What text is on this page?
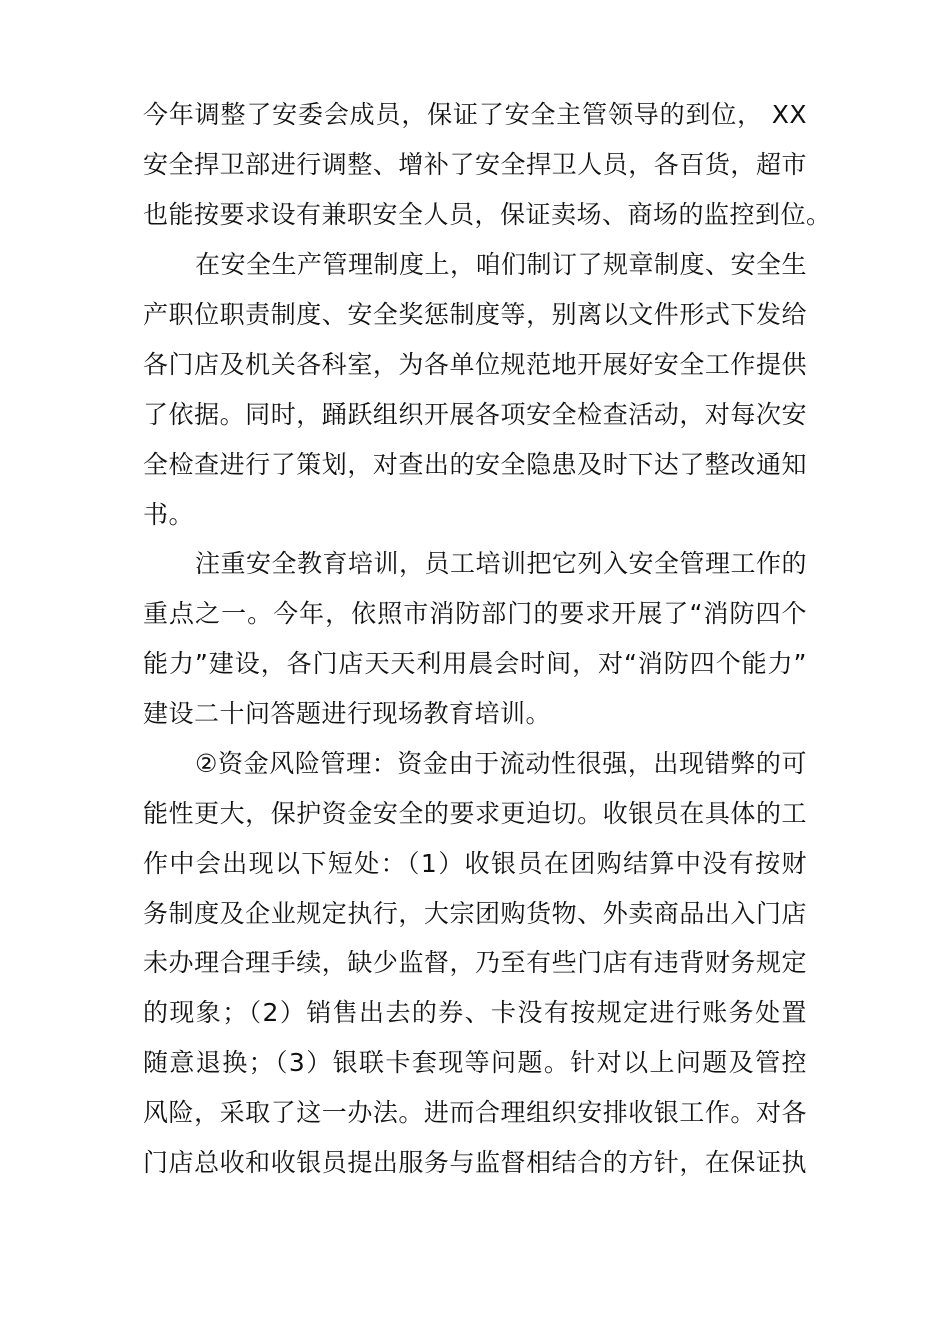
今年调整了安委会成员，保证了安全主管领导的到位， XX
安全捍卫部进行调整、增补了安全捍卫人员，各百货，超市
也能按要求设有兼职安全人员，保证卖场、商场的监控到位。
在安全生产管理制度上，咱们制订了规章制度、安全生
产职位职责制度、安全奖惩制度等，别离以文件形式下发给
各门店及机关各科室，为各单位规范地开展好安全工作提供
了依据。同时，踊跃组织开展各项安全检查活动，对每次安
全检查进行了策划，对查出的安全隐患及时下达了整改通知
书。
注重安全教育培训，员工培训把它列入安全管理工作的
重点之一。今年，依照市消防部门的要求开展了“消防四个
能力”建设，各门店天天利用晨会时间，对“消防四个能力”
建设二十问答题进行现场教育培训。
②资金风险管理：资金由于流动性很强，出现错弊的可
能性更大，保护资金安全的要求更迫切。收银员在具体的工
作中会出现以下短处：（1）收银员在团购结算中没有按财
务制度及企业规定执行，大宗团购货物、外卖商品出入门店
未办理合理手续，缺少监督，乃至有些门店有违背财务规定
的现象；（2）销售出去的券、卡没有按规定进行账务处置
随意退换；（3）银联卡套现等问题。针对以上问题及管控
风险，采取了这一办法。进而合理组织安排收银工作。对各
门店总收和收银员提出服务与监督相结合的方针，在保证执
